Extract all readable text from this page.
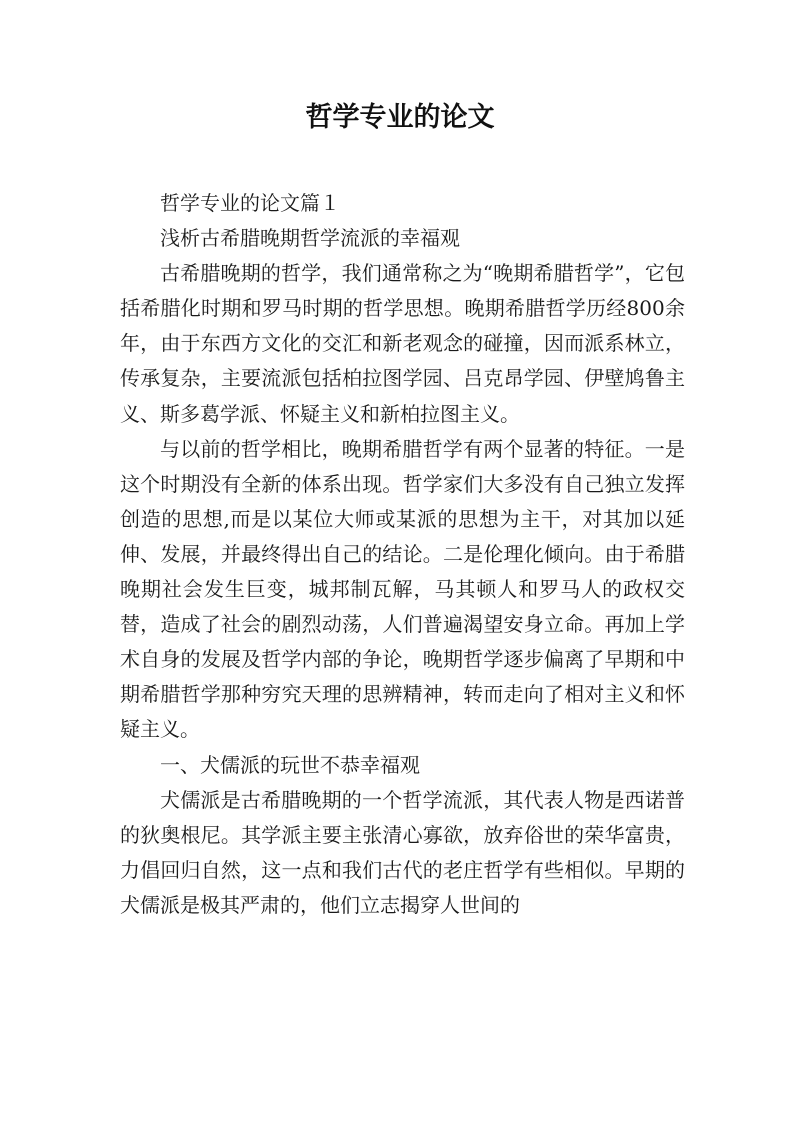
哲学专业的论文

哲学专业的论文篇１

浅析古希腊晚期哲学流派的幸福观

古希腊晚期的哲学，我们通常称之为“晚期希腊哲学”，它包括希腊化时期和罗马时期的哲学思想。晚期希腊哲学历经800余年，由于东西方文化的交汇和新老观念的碰撞，因而派系林立，传承复杂，主要流派包括柏拉图学园、吕克昂学园、伊壁鸠鲁主义、斯多葛学派、怀疑主义和新柏拉图主义。

与以前的哲学相比，晚期希腊哲学有两个显著的特征。一是这个时期没有全新的体系出现。哲学家们大多没有自己独立发挥创造的思想,而是以某位大师或某派的思想为主干，对其加以延伸、发展，并最终得出自己的结论。二是伦理化倾向。由于希腊晚期社会发生巨变，城邦制瓦解，马其顿人和罗马人的政权交替，造成了社会的剧烈动荡，人们普遍渴望安身立命。再加上学术自身的发展及哲学内部的争论，晚期哲学逐步偏离了早期和中期希腊哲学那种穷究天理的思辨精神，转而走向了相对主义和怀疑主义。

一、犬儒派的玩世不恭幸福观

犬儒派是古希腊晚期的一个哲学流派，其代表人物是西诺普的狄奥根尼。其学派主要主张清心寡欲，放弃俗世的荣华富贵，力倡回归自然，这一点和我们古代的老庄哲学有些相似。早期的犬儒派是极其严肃的，他们立志揭穿人世间的
